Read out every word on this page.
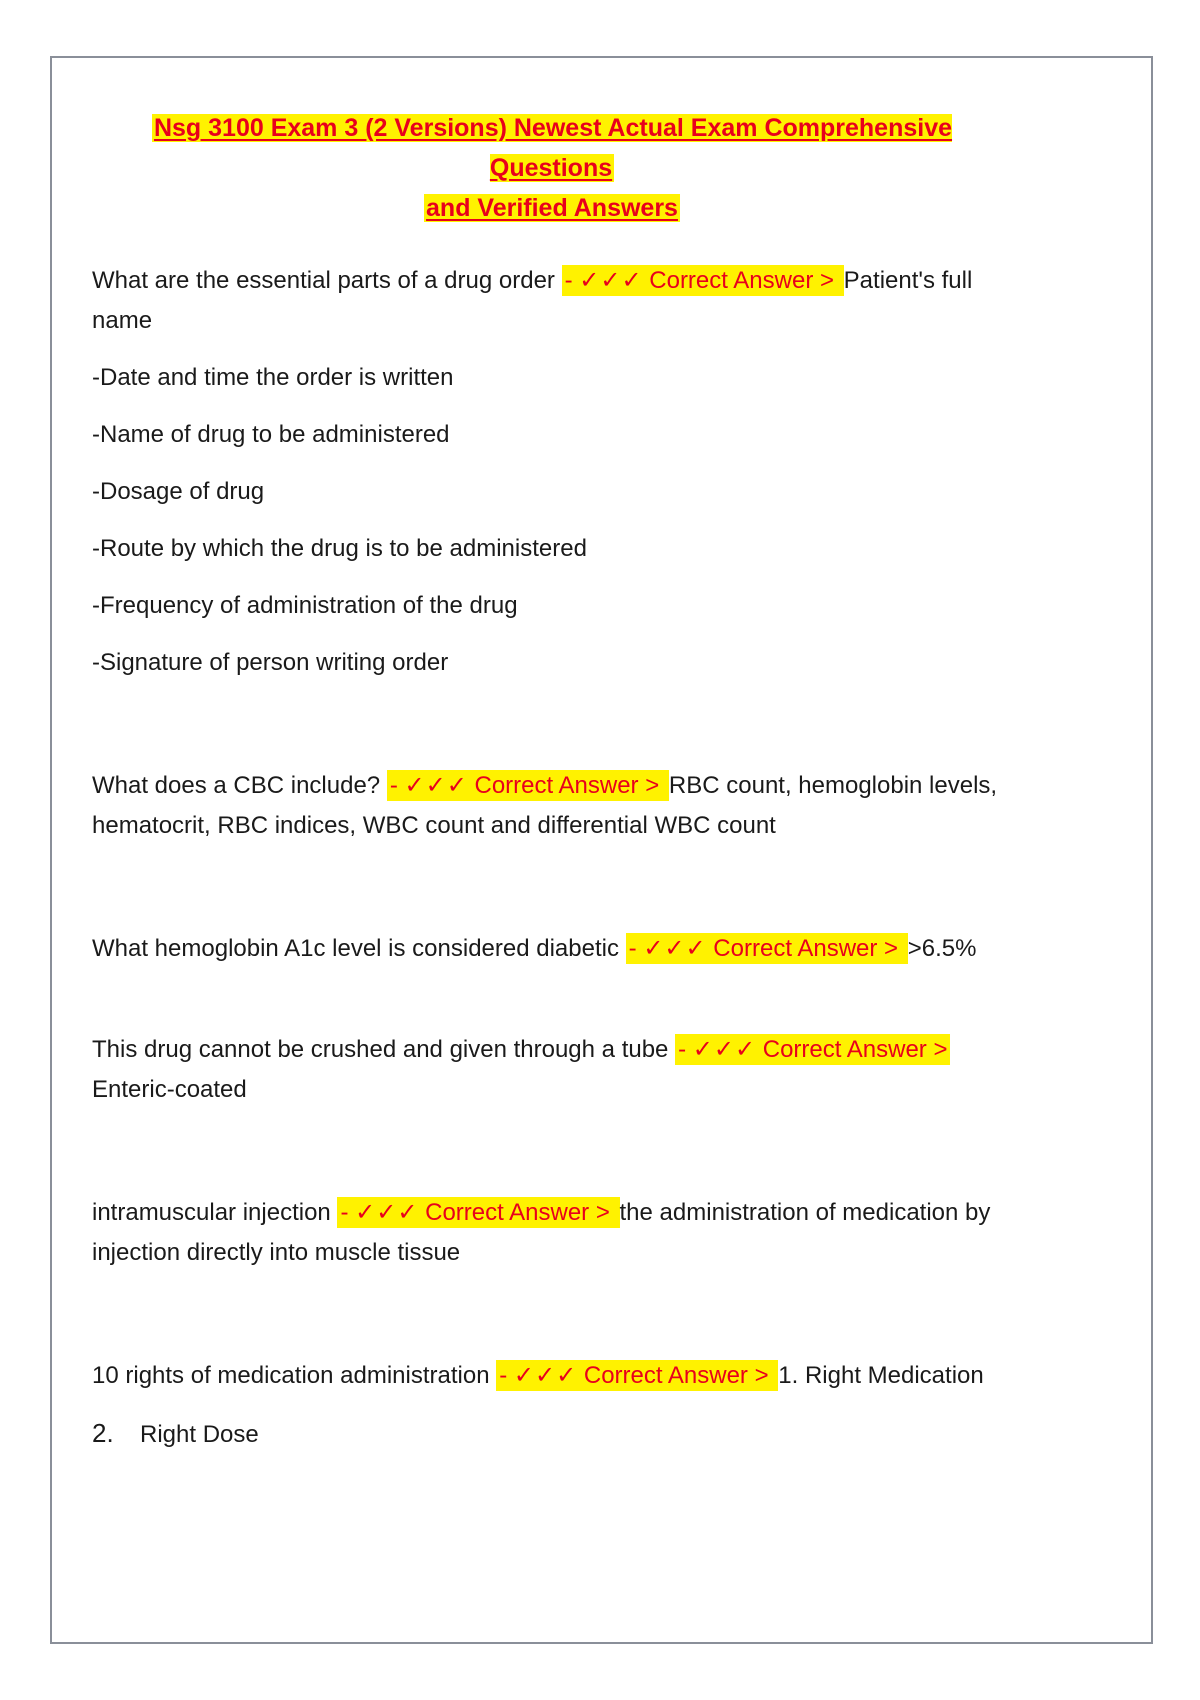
Nsg 3100 Exam 3 (2 Versions) Newest Actual Exam Comprehensive Questions
and Verified Answers

What are the essential parts of a drug order - ✓✓✓ Correct Answer > Patient's full name

-Date and time the order is written

-Name of drug to be administered

-Dosage of drug

-Route by which the drug is to be administered

-Frequency of administration of the drug

-Signature of person writing order

What does a CBC include? - ✓✓✓ Correct Answer > RBC count, hemoglobin levels, hematocrit, RBC indices, WBC count and differential WBC count

What hemoglobin A1c level is considered diabetic - ✓✓✓ Correct Answer > >6.5%

This drug cannot be crushed and given through a tube - ✓✓✓ Correct Answer >
Enteric-coated

intramuscular injection - ✓✓✓ Correct Answer > the administration of medication by injection directly into muscle tissue

10 rights of medication administration - ✓✓✓ Correct Answer > 1. Right Medication

2. Right Dose
